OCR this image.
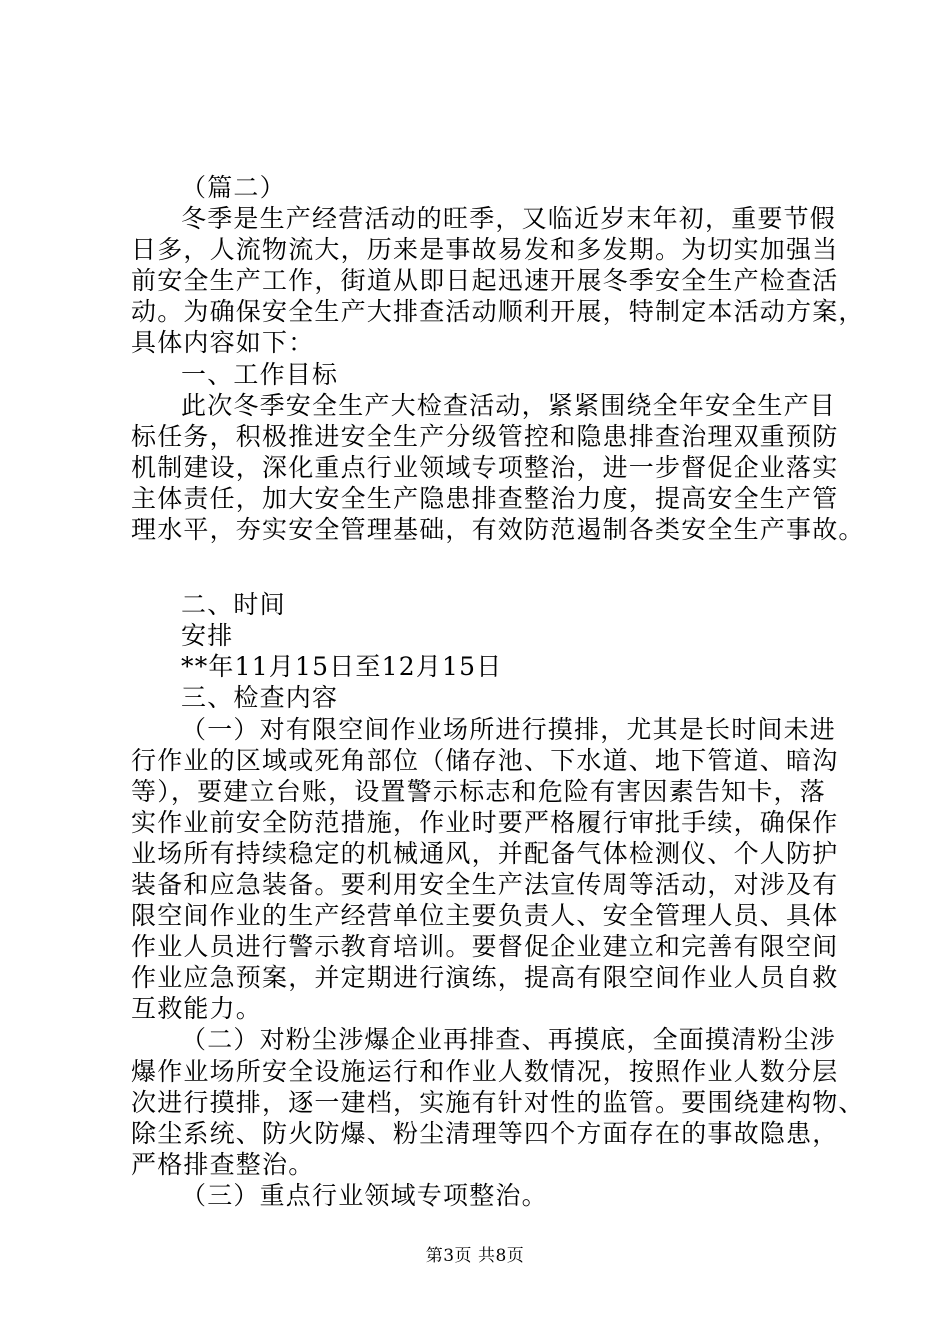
（篇二）
冬季是生产经营活动的旺季，又临近岁末年初，重要节假
日多，人流物流大，历来是事故易发和多发期。为切实加强当
前安全生产工作，街道从即日起迅速开展冬季安全生产检查活
动。为确保安全生产大排查活动顺利开展，特制定本活动方案，
具体内容如下：
一、工作目标
此次冬季安全生产大检查活动，紧紧围绕全年安全生产目
标任务，积极推进安全生产分级管控和隐患排查治理双重预防
机制建设，深化重点行业领域专项整治，进一步督促企业落实
主体责任，加大安全生产隐患排查整治力度，提高安全生产管
理水平，夯实安全管理基础，有效防范遏制各类安全生产事故。
二、时间
安排
**年11月15日至12月15日
三、检查内容
（一）对有限空间作业场所进行摸排，尤其是长时间未进
行作业的区域或死角部位（储存池、下水道、地下管道、暗沟
等），要建立台账，设置警示标志和危险有害因素告知卡，落
实作业前安全防范措施，作业时要严格履行审批手续，确保作
业场所有持续稳定的机械通风，并配备气体检测仪、个人防护
装备和应急装备。要利用安全生产法宣传周等活动，对涉及有
限空间作业的生产经营单位主要负责人、安全管理人员、具体
作业人员进行警示教育培训。要督促企业建立和完善有限空间
作业应急预案，并定期进行演练，提高有限空间作业人员自救
互救能力。
（二）对粉尘涉爆企业再排查、再摸底，全面摸清粉尘涉
爆作业场所安全设施运行和作业人数情况，按照作业人数分层
次进行摸排，逐一建档，实施有针对性的监管。要围绕建构物、
除尘系统、防火防爆、粉尘清理等四个方面存在的事故隐患，
严格排查整治。
（三）重点行业领域专项整治。
第3页 共8页
